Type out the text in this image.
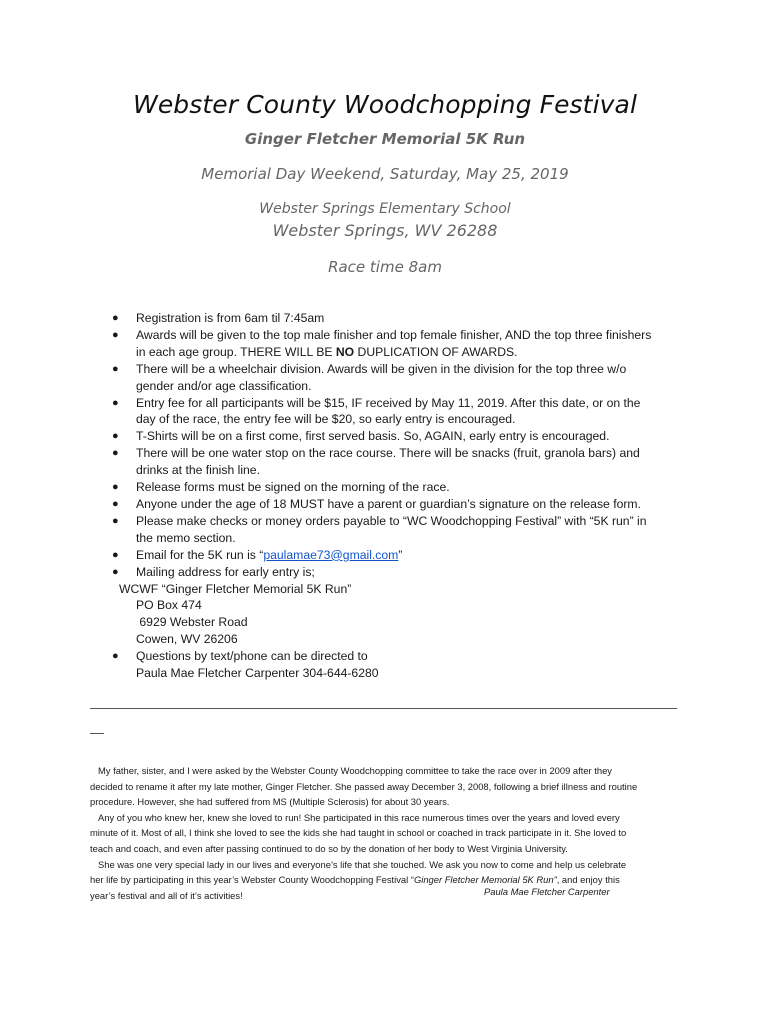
Webster County Woodchopping Festival
Ginger Fletcher Memorial 5K Run
Memorial Day Weekend, Saturday, May 25, 2019
Webster Springs Elementary School
Webster Springs, WV 26288
Race time 8am
● Registration is from 6am til 7:45am
● Awards will be given to the top male finisher and top female finisher, AND the top three finishers
in each age group. THERE WILL BE NO DUPLICATION OF AWARDS.
● There will be a wheelchair division. Awards will be given in the division for the top three w/o
gender and/or age classification.
● Entry fee for all participants will be $15, IF received by May 11, 2019. After this date, or on the
day of the race, the entry fee will be $20, so early entry is encouraged.
● T-Shirts will be on a first come, first served basis. So, AGAIN, early entry is encouraged.
● There will be one water stop on the race course. There will be snacks (fruit, granola bars) and
drinks at the finish line.
● Release forms must be signed on the morning of the race.
● Anyone under the age of 18 MUST have a parent or guardian’s signature on the release form.
● Please make checks or money orders payable to “WC Woodchopping Festival” with “5K run” in
the memo section.
● Email for the 5K run is “paulamae73@gmail.com”
● Mailing address for early entry is;
WCWF “Ginger Fletcher Memorial 5K Run”
PO Box 474
6929 Webster Road
Cowen, WV 26206
● Questions by text/phone can be directed to
Paula Mae Fletcher Carpenter 304-644-6280

My father, sister, and I were asked by the Webster County Woodchopping committee to take the race over in 2009 after they

decided to rename it after my late mother, Ginger Fletcher. She passed away December 3, 2008, following a brief illness and routine

procedure. However, she had suffered from MS (Multiple Sclerosis) for about 30 years.

Any of you who knew her, knew she loved to run! She participated in this race numerous times over the years and loved every

minute of it. Most of all, I think she loved to see the kids she had taught in school or coached in track participate in it. She loved to

teach and coach, and even after passing continued to do so by the donation of her body to West Virginia University.

She was one very special lady in our lives and everyone’s life that she touched. We ask you now to come and help us celebrate

her life by participating in this year’s Webster County Woodchopping Festival “Ginger Fletcher Memorial 5K Run”, and enjoy this

year’s festival and all of it’s activities!	Paula Mae Fletcher Carpenter
